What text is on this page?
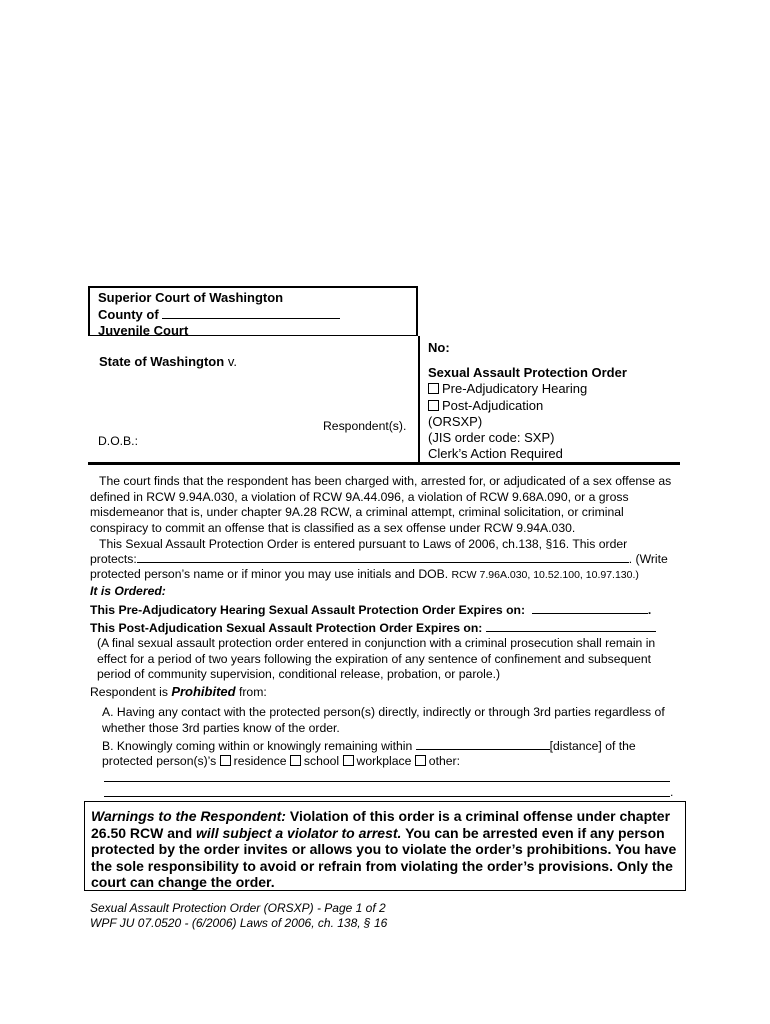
Superior Court of Washington
County of
Juvenile Court
State of Washington v.
Respondent(s).
D.O.B.:
No:
Sexual Assault Protection Order
Pre-Adjudicatory Hearing
Post-Adjudication
(ORSXP)
(JIS order code: SXP)
Clerk’s Action Required
The court finds that the respondent has been charged with, arrested for, or adjudicated of a sex offense as defined in RCW 9.94A.030, a violation of RCW 9A.44.096, a violation of RCW 9.68A.090, or a gross misdemeanor that is, under chapter 9A.28 RCW, a criminal attempt, criminal solicitation, or criminal conspiracy to commit an offense that is classified as a sex offense under RCW 9.94A.030.
This Sexual Assault Protection Order is entered pursuant to Laws of 2006, ch.138, §16. This order
protects:	. (Write
protected person’s name or if minor you may use initials and DOB. RCW 7.96A.030, 10.52.100, 10.97.130.)
It is Ordered:
This Pre-Adjudicatory Hearing Sexual Assault Protection Order Expires on:	.
This Post-Adjudication Sexual Assault Protection Order Expires on:
(A final sexual assault protection order entered in conjunction with a criminal prosecution shall remain in effect for a period of two years following the expiration of any sentence of confinement and subsequent period of community supervision, conditional release, probation, or parole.)
Respondent is Prohibited from:
A. Having any contact with the protected person(s) directly, indirectly or through 3rd parties regardless of whether those 3rd parties know of the order.
B. Knowingly coming within or knowingly remaining within	[distance] of the
protected person(s)’s residence school workplace other:
.
Warnings to the Respondent: Violation of this order is a criminal offense under chapter 26.50 RCW and will subject a violator to arrest. You can be arrested even if any person protected by the order invites or allows you to violate the order’s prohibitions. You have the sole responsibility to avoid or refrain from violating the order’s provisions. Only the court can change the order.
Sexual Assault Protection Order (ORSXP) - Page 1 of 2
WPF JU 07.0520 - (6/2006) Laws of 2006, ch. 138, § 16
